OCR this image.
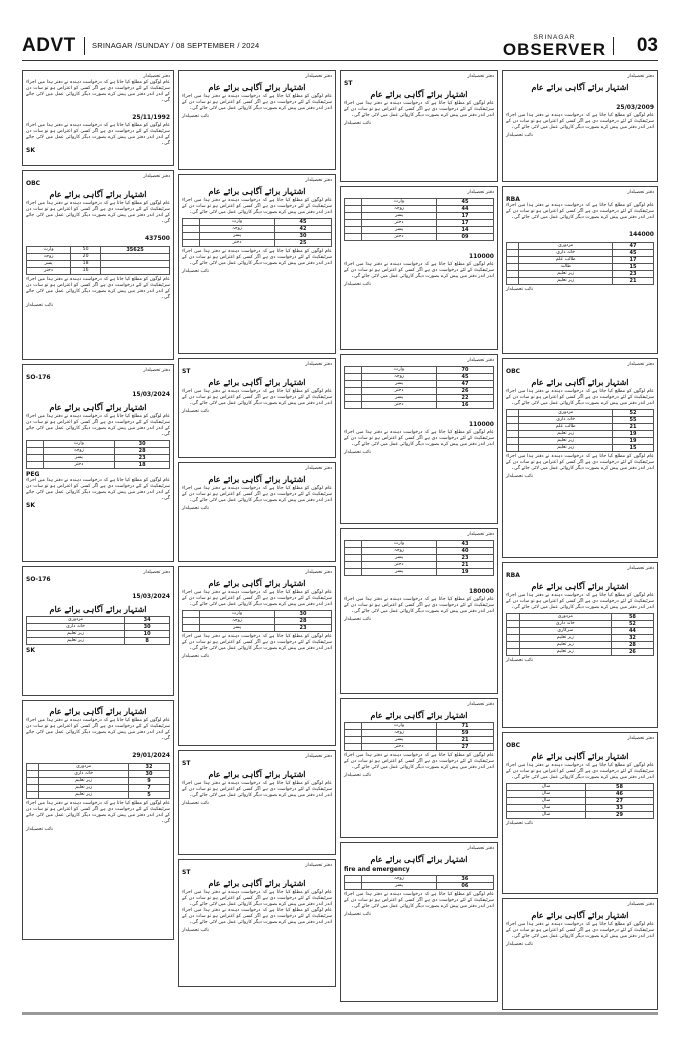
ADVT SRINAGAR /SUNDAY / 08 SEPTEMBER / 2024
SRINAGAR
OBSERVER 03
دفتر تحصیلدار
عام لوگوں کو مطلع کیا جاتا ہے کہ درخواست دہندہ نے دفتر ہذا میں اجراء سرٹیفکیٹ کے لئے درخواست دی ہے اگر کسی کو اعتراض ہو تو سات دن کے اندر اندر دفتر میں پیش کرے بصورت دیگر کاروائی عمل میں لائی جائے گی۔
25/11/1992
عام لوگوں کو مطلع کیا جاتا ہے کہ درخواست دہندہ نے دفتر ہذا میں اجراء سرٹیفکیٹ کے لئے درخواست دی ہے اگر کسی کو اعتراض ہو تو سات دن کے اندر اندر دفتر میں پیش کرے بصورت دیگر کاروائی عمل میں لائی جائے گی۔
SK
دفتر تحصیلدار
OBC
اشتہار برائے آگاہی برائے عام
عام لوگوں کو مطلع کیا جاتا ہے کہ درخواست دہندہ نے دفتر ہذا میں اجراء سرٹیفکیٹ کے لئے درخواست دی ہے اگر کسی کو اعتراض ہو تو سات دن کے اندر اندر دفتر میں پیش کرے بصورت دیگر کاروائی عمل میں لائی جائے گی۔
437500
35625	50	وارث
	20	زوجہ
	18	پسر
	16	دختر
عام لوگوں کو مطلع کیا جاتا ہے کہ درخواست دہندہ نے دفتر ہذا میں اجراء سرٹیفکیٹ کے لئے درخواست دی ہے اگر کسی کو اعتراض ہو تو سات دن کے اندر اندر دفتر میں پیش کرے بصورت دیگر کاروائی عمل میں لائی جائے گی۔
نائب تحصیلدار
دفتر تحصیلدار
SO-176
15/03/2024
اشتہار برائے آگاہی برائے عام
عام لوگوں کو مطلع کیا جاتا ہے کہ درخواست دہندہ نے دفتر ہذا میں اجراء سرٹیفکیٹ کے لئے درخواست دی ہے اگر کسی کو اعتراض ہو تو سات دن کے اندر اندر دفتر میں پیش کرے بصورت دیگر کاروائی عمل میں لائی جائے گی۔
30	وارث	
28	زوجہ	
23	پسر	
18	دختر	
PEG
عام لوگوں کو مطلع کیا جاتا ہے کہ درخواست دہندہ نے دفتر ہذا میں اجراء سرٹیفکیٹ کے لئے درخواست دی ہے اگر کسی کو اعتراض ہو تو سات دن کے اندر اندر دفتر میں پیش کرے بصورت دیگر کاروائی عمل میں لائی جائے گی۔
SK
دفتر تحصیلدار
SO-176
15/03/2024
اشتہار برائے آگاہی برائے عام
34	مزدوری
30	خانہ داری
10	زیر تعلیم
8	زیر تعلیم
SK
اشتہار برائے آگاہی برائے عام
عام لوگوں کو مطلع کیا جاتا ہے کہ درخواست دہندہ نے دفتر ہذا میں اجراء سرٹیفکیٹ کے لئے درخواست دی ہے اگر کسی کو اعتراض ہو تو سات دن کے اندر اندر دفتر میں پیش کرے بصورت دیگر کاروائی عمل میں لائی جائے گی۔
29/01/2024
32	مزدوری	
30	خانہ داری	
9	زیر تعلیم	
7	زیر تعلیم	
5	زیر تعلیم	
عام لوگوں کو مطلع کیا جاتا ہے کہ درخواست دہندہ نے دفتر ہذا میں اجراء سرٹیفکیٹ کے لئے درخواست دی ہے اگر کسی کو اعتراض ہو تو سات دن کے اندر اندر دفتر میں پیش کرے بصورت دیگر کاروائی عمل میں لائی جائے گی۔
نائب تحصیلدار
دفتر تحصیلدار
اشتہار برائے آگاہی برائے عام
عام لوگوں کو مطلع کیا جاتا ہے کہ درخواست دہندہ نے دفتر ہذا میں اجراء سرٹیفکیٹ کے لئے درخواست دی ہے اگر کسی کو اعتراض ہو تو سات دن کے اندر اندر دفتر میں پیش کرے بصورت دیگر کاروائی عمل میں لائی جائے گی۔
نائب تحصیلدار
دفتر تحصیلدار
اشتہار برائے آگاہی برائے عام
عام لوگوں کو مطلع کیا جاتا ہے کہ درخواست دہندہ نے دفتر ہذا میں اجراء سرٹیفکیٹ کے لئے درخواست دی ہے اگر کسی کو اعتراض ہو تو سات دن کے اندر اندر دفتر میں پیش کرے بصورت دیگر کاروائی عمل میں لائی جائے گی۔
45	وارث	
42	زوجہ	
30	پسر	
25	دختر	
عام لوگوں کو مطلع کیا جاتا ہے کہ درخواست دہندہ نے دفتر ہذا میں اجراء سرٹیفکیٹ کے لئے درخواست دی ہے اگر کسی کو اعتراض ہو تو سات دن کے اندر اندر دفتر میں پیش کرے بصورت دیگر کاروائی عمل میں لائی جائے گی۔
نائب تحصیلدار
دفتر تحصیلدار
ST
اشتہار برائے آگاہی برائے عام
عام لوگوں کو مطلع کیا جاتا ہے کہ درخواست دہندہ نے دفتر ہذا میں اجراء سرٹیفکیٹ کے لئے درخواست دی ہے اگر کسی کو اعتراض ہو تو سات دن کے اندر اندر دفتر میں پیش کرے بصورت دیگر کاروائی عمل میں لائی جائے گی۔
نائب تحصیلدار
دفتر تحصیلدار
اشتہار برائے آگاہی برائے عام
عام لوگوں کو مطلع کیا جاتا ہے کہ درخواست دہندہ نے دفتر ہذا میں اجراء سرٹیفکیٹ کے لئے درخواست دی ہے اگر کسی کو اعتراض ہو تو سات دن کے اندر اندر دفتر میں پیش کرے بصورت دیگر کاروائی عمل میں لائی جائے گی۔
نائب تحصیلدار
دفتر تحصیلدار
اشتہار برائے آگاہی برائے عام
عام لوگوں کو مطلع کیا جاتا ہے کہ درخواست دہندہ نے دفتر ہذا میں اجراء سرٹیفکیٹ کے لئے درخواست دی ہے اگر کسی کو اعتراض ہو تو سات دن کے اندر اندر دفتر میں پیش کرے بصورت دیگر کاروائی عمل میں لائی جائے گی۔
30	وارث	
28	زوجہ	
23	پسر	
عام لوگوں کو مطلع کیا جاتا ہے کہ درخواست دہندہ نے دفتر ہذا میں اجراء سرٹیفکیٹ کے لئے درخواست دی ہے اگر کسی کو اعتراض ہو تو سات دن کے اندر اندر دفتر میں پیش کرے بصورت دیگر کاروائی عمل میں لائی جائے گی۔
نائب تحصیلدار
دفتر تحصیلدار
ST
اشتہار برائے آگاہی برائے عام
عام لوگوں کو مطلع کیا جاتا ہے کہ درخواست دہندہ نے دفتر ہذا میں اجراء سرٹیفکیٹ کے لئے درخواست دی ہے اگر کسی کو اعتراض ہو تو سات دن کے اندر اندر دفتر میں پیش کرے بصورت دیگر کاروائی عمل میں لائی جائے گی۔
نائب تحصیلدار
دفتر تحصیلدار
ST
اشتہار برائے آگاہی برائے عام
عام لوگوں کو مطلع کیا جاتا ہے کہ درخواست دہندہ نے دفتر ہذا میں اجراء سرٹیفکیٹ کے لئے درخواست دی ہے اگر کسی کو اعتراض ہو تو سات دن کے اندر اندر دفتر میں پیش کرے بصورت دیگر کاروائی عمل میں لائی جائے گی۔
عام لوگوں کو مطلع کیا جاتا ہے کہ درخواست دہندہ نے دفتر ہذا میں اجراء سرٹیفکیٹ کے لئے درخواست دی ہے اگر کسی کو اعتراض ہو تو سات دن کے اندر اندر دفتر میں پیش کرے بصورت دیگر کاروائی عمل میں لائی جائے گی۔
نائب تحصیلدار
دفتر تحصیلدار
ST
اشتہار برائے آگاہی برائے عام
عام لوگوں کو مطلع کیا جاتا ہے کہ درخواست دہندہ نے دفتر ہذا میں اجراء سرٹیفکیٹ کے لئے درخواست دی ہے اگر کسی کو اعتراض ہو تو سات دن کے اندر اندر دفتر میں پیش کرے بصورت دیگر کاروائی عمل میں لائی جائے گی۔
نائب تحصیلدار
دفتر تحصیلدار
45	وارث	
44	زوجہ	
17	پسر	
17	دختر	
14	پسر	
09	دختر	
110000
عام لوگوں کو مطلع کیا جاتا ہے کہ درخواست دہندہ نے دفتر ہذا میں اجراء سرٹیفکیٹ کے لئے درخواست دی ہے اگر کسی کو اعتراض ہو تو سات دن کے اندر اندر دفتر میں پیش کرے بصورت دیگر کاروائی عمل میں لائی جائے گی۔
نائب تحصیلدار
دفتر تحصیلدار
70	وارث	
45	زوجہ	
47	پسر	
26	دختر	
22	پسر	
16	دختر	
110000
عام لوگوں کو مطلع کیا جاتا ہے کہ درخواست دہندہ نے دفتر ہذا میں اجراء سرٹیفکیٹ کے لئے درخواست دی ہے اگر کسی کو اعتراض ہو تو سات دن کے اندر اندر دفتر میں پیش کرے بصورت دیگر کاروائی عمل میں لائی جائے گی۔
نائب تحصیلدار
دفتر تحصیلدار
43	وارث	
40	زوجہ	
23	پسر	
21	دختر	
19	پسر	
180000
عام لوگوں کو مطلع کیا جاتا ہے کہ درخواست دہندہ نے دفتر ہذا میں اجراء سرٹیفکیٹ کے لئے درخواست دی ہے اگر کسی کو اعتراض ہو تو سات دن کے اندر اندر دفتر میں پیش کرے بصورت دیگر کاروائی عمل میں لائی جائے گی۔
نائب تحصیلدار
دفتر تحصیلدار
اشتہار برائے آگاہی برائے عام
71	وارث	
59	زوجہ	
21	پسر	
27	دختر	
عام لوگوں کو مطلع کیا جاتا ہے کہ درخواست دہندہ نے دفتر ہذا میں اجراء سرٹیفکیٹ کے لئے درخواست دی ہے اگر کسی کو اعتراض ہو تو سات دن کے اندر اندر دفتر میں پیش کرے بصورت دیگر کاروائی عمل میں لائی جائے گی۔
نائب تحصیلدار
دفتر تحصیلدار
اشتہار برائے آگاہی برائے عام
fire and emergency
36	زوجہ	
06	پسر	
عام لوگوں کو مطلع کیا جاتا ہے کہ درخواست دہندہ نے دفتر ہذا میں اجراء سرٹیفکیٹ کے لئے درخواست دی ہے اگر کسی کو اعتراض ہو تو سات دن کے اندر اندر دفتر میں پیش کرے بصورت دیگر کاروائی عمل میں لائی جائے گی۔
نائب تحصیلدار
دفتر تحصیلدار
اشتہار برائے آگاہی برائے عام
25/03/2009
عام لوگوں کو مطلع کیا جاتا ہے کہ درخواست دہندہ نے دفتر ہذا میں اجراء سرٹیفکیٹ کے لئے درخواست دی ہے اگر کسی کو اعتراض ہو تو سات دن کے اندر اندر دفتر میں پیش کرے بصورت دیگر کاروائی عمل میں لائی جائے گی۔
نائب تحصیلدار
دفتر تحصیلدار
RBA
عام لوگوں کو مطلع کیا جاتا ہے کہ درخواست دہندہ نے دفتر ہذا میں اجراء سرٹیفکیٹ کے لئے درخواست دی ہے اگر کسی کو اعتراض ہو تو سات دن کے اندر اندر دفتر میں پیش کرے بصورت دیگر کاروائی عمل میں لائی جائے گی۔
144000
47	مزدوری	
45	خانہ داری	
17	طالب علم	
15	طالبہ	
23	زیر تعلیم	
21	زیر تعلیم	
نائب تحصیلدار
دفتر تحصیلدار
OBC
اشتہار برائے آگاہی برائے عام
عام لوگوں کو مطلع کیا جاتا ہے کہ درخواست دہندہ نے دفتر ہذا میں اجراء سرٹیفکیٹ کے لئے درخواست دی ہے اگر کسی کو اعتراض ہو تو سات دن کے اندر اندر دفتر میں پیش کرے بصورت دیگر کاروائی عمل میں لائی جائے گی۔
52	مزدوری	
55	خانہ داری	
21	طالب علم	
19	زیر تعلیم	
19	زیر تعلیم	
15	زیر تعلیم	
عام لوگوں کو مطلع کیا جاتا ہے کہ درخواست دہندہ نے دفتر ہذا میں اجراء سرٹیفکیٹ کے لئے درخواست دی ہے اگر کسی کو اعتراض ہو تو سات دن کے اندر اندر دفتر میں پیش کرے بصورت دیگر کاروائی عمل میں لائی جائے گی۔
نائب تحصیلدار
دفتر تحصیلدار
RBA
اشتہار برائے آگاہی برائے عام
عام لوگوں کو مطلع کیا جاتا ہے کہ درخواست دہندہ نے دفتر ہذا میں اجراء سرٹیفکیٹ کے لئے درخواست دی ہے اگر کسی کو اعتراض ہو تو سات دن کے اندر اندر دفتر میں پیش کرے بصورت دیگر کاروائی عمل میں لائی جائے گی۔
58	مزدوری	
52	خانہ داری	
44	سرکاری	
32	زیر تعلیم	
28	زیر تعلیم	
26	زیر تعلیم	
نائب تحصیلدار
دفتر تحصیلدار
OBC
اشتہار برائے آگاہی برائے عام
عام لوگوں کو مطلع کیا جاتا ہے کہ درخواست دہندہ نے دفتر ہذا میں اجراء سرٹیفکیٹ کے لئے درخواست دی ہے اگر کسی کو اعتراض ہو تو سات دن کے اندر اندر دفتر میں پیش کرے بصورت دیگر کاروائی عمل میں لائی جائے گی۔
58	سال
46	سال
27	سال
33	سال
29	سال
نائب تحصیلدار
دفتر تحصیلدار
اشتہار برائے آگاہی برائے عام
عام لوگوں کو مطلع کیا جاتا ہے کہ درخواست دہندہ نے دفتر ہذا میں اجراء سرٹیفکیٹ کے لئے درخواست دی ہے اگر کسی کو اعتراض ہو تو سات دن کے اندر اندر دفتر میں پیش کرے بصورت دیگر کاروائی عمل میں لائی جائے گی۔
نائب تحصیلدار
